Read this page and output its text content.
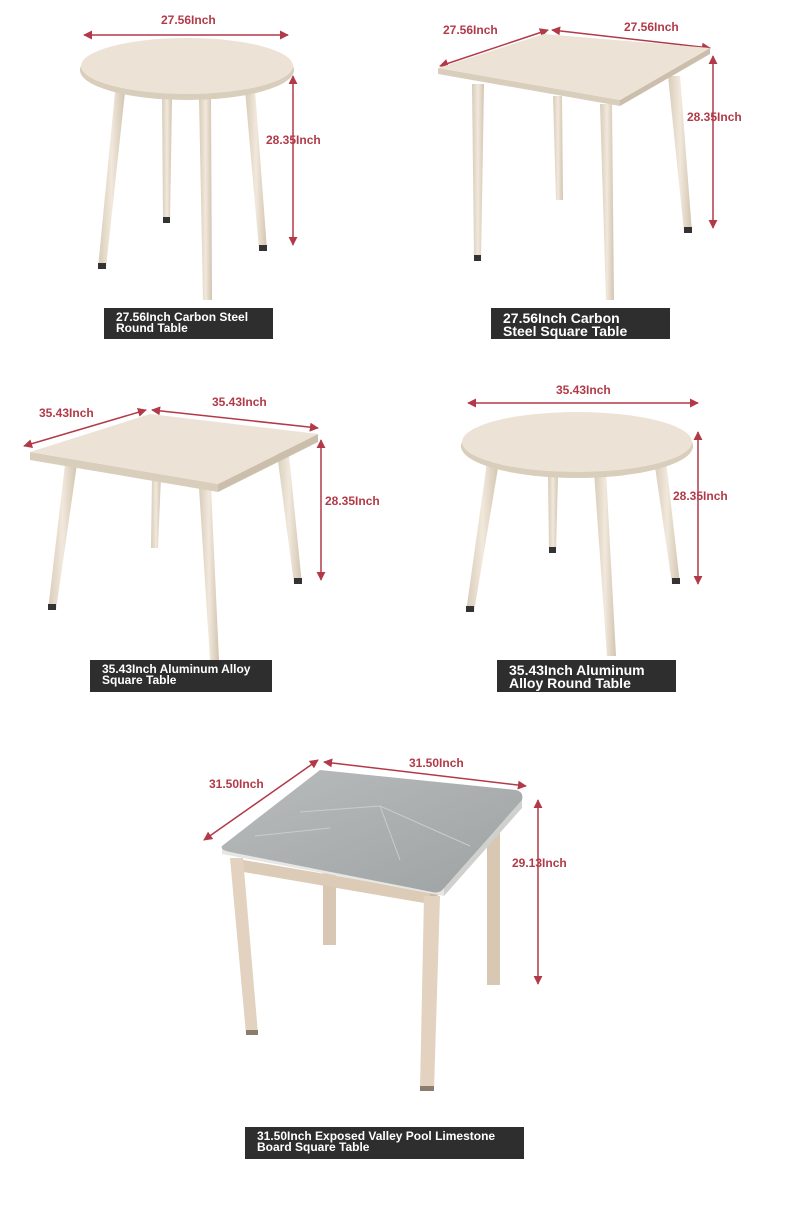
27.56Inch
28.35Inch
27.56Inch	27.56Inch
28.35Inch
35.43Inch
35.43Inch
28.35Inch
35.43Inch
28.35Inch
31.50Inch
31.50Inch
29.13Inch
27.56Inch Carbon Steel
Round Table
27.56Inch Carbon
Steel Square Table
35.43Inch Aluminum Alloy
Square Table
35.43Inch Aluminum
Alloy Round Table
31.50Inch Exposed Valley Pool Limestone
Board Square Table
